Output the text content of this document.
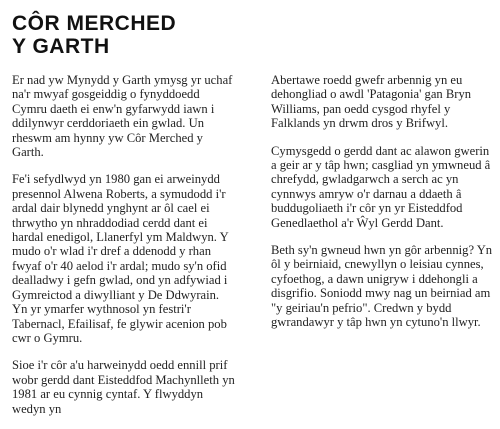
CÔR MERCHED
Y GARTH

Er nad yw Mynydd y Garth ymysg yr uchaf na'r mwyaf gosgeiddig o fynyddoedd Cymru daeth ei enw'n gyfarwydd iawn i ddilynwyr cerddoriaeth ein gwlad. Un rheswm am hynny yw Côr Merched y Garth.

Fe'i sefydlwyd yn 1980 gan ei arweinydd presennol Alwena Roberts, a symudodd i'r ardal dair blynedd ynghynt ar ôl cael ei thrwytho yn nhraddodiad cerdd dant ei hardal enedigol, Llanerfyl ym Maldwyn. Y mudo o'r wlad i'r dref a ddenodd y rhan fwyaf o'r 40 aelod i'r ardal; mudo sy'n ofid dealladwy i gefn gwlad, ond yn adfywiad i Gymreictod a diwylliant y De Ddwyrain. Yn yr ymarfer wythnosol yn festri'r Tabernacl, Efailisaf, fe glywir acenion pob cwr o Gymru.

Sioe i'r côr a'u harweinydd oedd ennill prif wobr gerdd dant Eisteddfod Machynlleth yn 1981 ar eu cynnig cyntaf. Y flwyddyn wedyn yn

Abertawe roedd gwefr arbennig yn eu dehongliad o awdl 'Patagonia' gan Bryn Williams, pan oedd cysgod rhyfel y Falklands yn drwm dros y Brifwyl.

Cymysgedd o gerdd dant ac alawon gwerin a geir ar y tâp hwn; casgliad yn ymwneud â chrefydd, gwladgarwch a serch ac yn cynnwys amryw o'r darnau a ddaeth â buddugoliaeth i'r côr yn yr Eisteddfod Genedlaethol a'r Ŵyl Gerdd Dant.

Beth sy'n gwneud hwn yn gôr arbennig? Yn ôl y beirniaid, cnewyllyn o leisiau cynnes, cyfoethog, a dawn unigryw i ddehongli a disgrifio. Soniodd mwy nag un beirniad am "y geiriau'n pefrio". Credwn y bydd gwrandawyr y tâp hwn yn cytuno'n llwyr.
